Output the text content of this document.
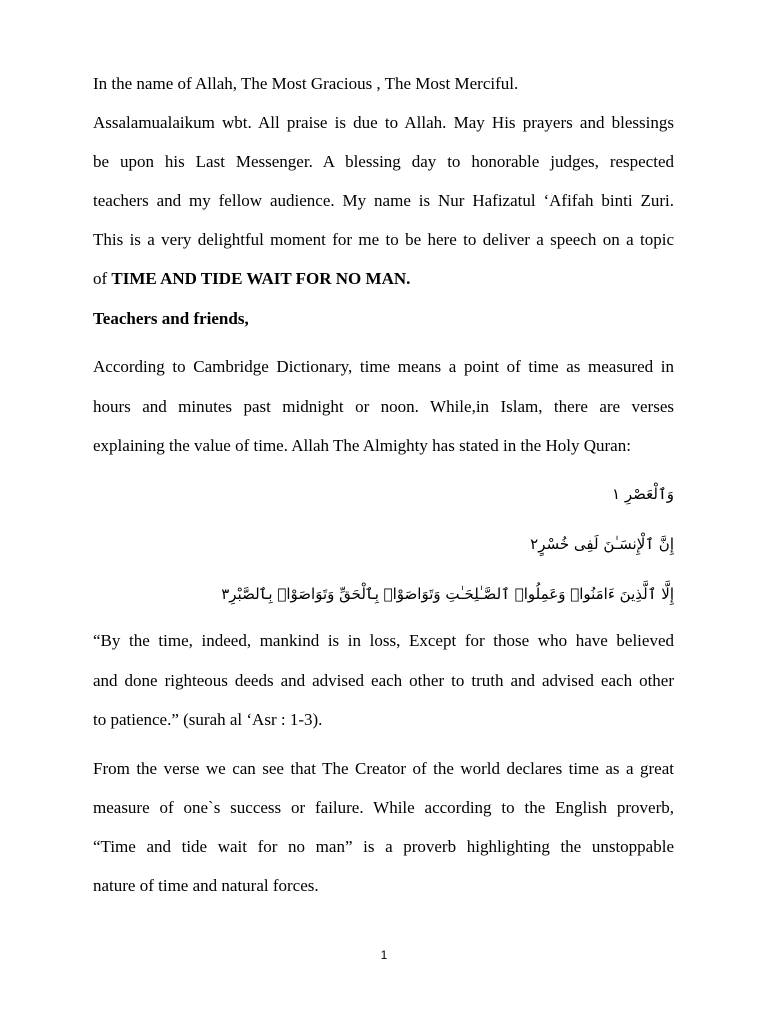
In the name of Allah, The Most Gracious , The Most Merciful.
Assalamualaikum wbt. All praise is due to Allah. May His prayers and blessings
be upon his Last Messenger. A blessing day to honorable judges, respected
teachers and my fellow audience. My name is Nur Hafizatul ‘Afifah binti Zuri.
This is a very delightful moment for me to be here to deliver a speech on a topic
of TIME AND TIDE WAIT FOR NO MAN.
Teachers and friends,
According to Cambridge Dictionary, time means a point of time as measured in
hours and minutes past midnight or noon. While,in Islam, there are verses
explaining the value of time. Allah The Almighty has stated in the Holy Quran:
وَٱلْعَصْرِ ١
إِنَّ ٱلْإِنسَـٰنَ لَفِى خُسْرٍ٢
إِلَّا ٱلَّذِينَ ءَامَنُوا۟ وَعَمِلُوا۟ ٱلصَّـٰلِحَـٰتِ وَتَوَاصَوْا۟ بِٱلْحَقِّ وَتَوَاصَوْا۟ بِٱلصَّبْرِ٣
“By the time, indeed, mankind is in loss, Except for those who have believed
and done righteous deeds and advised each other to truth and advised each other
to patience.” (surah al ‘Asr : 1-3).
From the verse we can see that The Creator of the world declares time as a great
measure of one`s success or failure. While according to the English proverb,
“Time and tide wait for no man” is a proverb highlighting the unstoppable
nature of time and natural forces.
1
